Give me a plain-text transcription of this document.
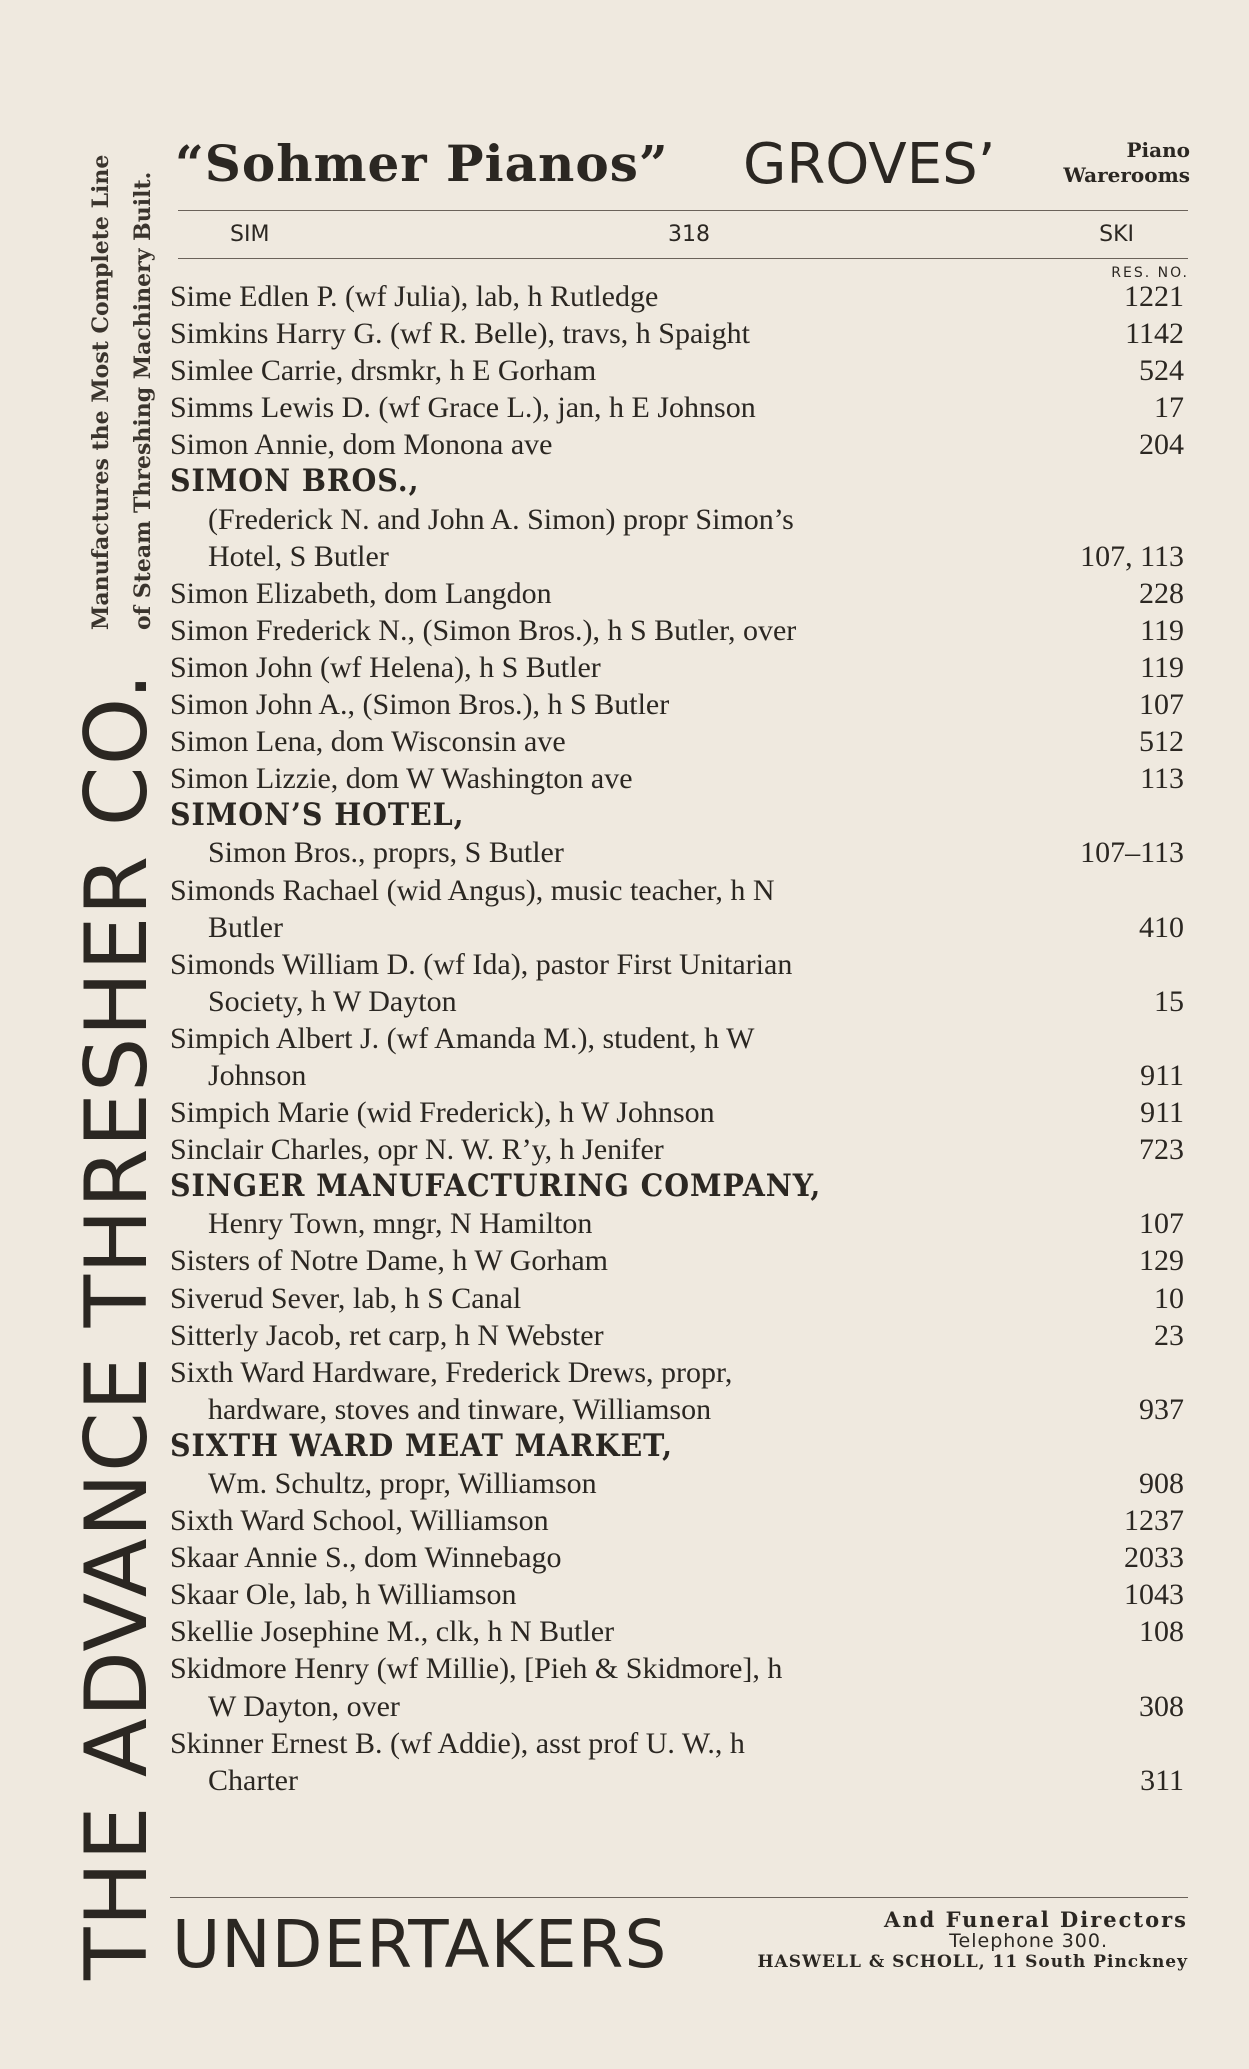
THE ADVANCE THRESHER CO.
Manufactures the Most Complete Line of Steam Threshing Machinery Built.
“Sohmer Pianos” GROVES’	Piano
Warerooms
SIM	318	SKI
RES. NO.
Sime Edlen P. (wf Julia), lab, h Rutledge	1221
Simkins Harry G. (wf R. Belle), travs, h Spaight	1142
Simlee Carrie, drsmkr, h E Gorham	524
Simms Lewis D. (wf Grace L.), jan, h E Johnson	17
Simon Annie, dom Monona ave	204
SIMON BROS.,
(Frederick N. and John A. Simon) propr Simon’s
Hotel, S Butler	107, 113
Simon Elizabeth, dom Langdon	228
Simon Frederick N., (Simon Bros.), h S Butler, over	119
Simon John (wf Helena), h S Butler	119
Simon John A., (Simon Bros.), h S Butler	107
Simon Lena, dom Wisconsin ave	512
Simon Lizzie, dom W Washington ave	113
SIMON’S HOTEL,
Simon Bros., proprs, S Butler	107–113
Simonds Rachael (wid Angus), music teacher, h N
Butler	410
Simonds William D. (wf Ida), pastor First Unitarian
Society, h W Dayton	15
Simpich Albert J. (wf Amanda M.), student, h W
Johnson	911
Simpich Marie (wid Frederick), h W Johnson	911
Sinclair Charles, opr N. W. R’y, h Jenifer	723
SINGER MANUFACTURING COMPANY,
Henry Town, mngr, N Hamilton	107
Sisters of Notre Dame, h W Gorham	129
Siverud Sever, lab, h S Canal	10
Sitterly Jacob, ret carp, h N Webster	23
Sixth Ward Hardware, Frederick Drews, propr,
hardware, stoves and tinware, Williamson	937
SIXTH WARD MEAT MARKET,
Wm. Schultz, propr, Williamson	908
Sixth Ward School, Williamson	1237
Skaar Annie S., dom Winnebago	2033
Skaar Ole, lab, h Williamson	1043
Skellie Josephine M., clk, h N Butler	108
Skidmore Henry (wf Millie), [Pieh & Skidmore], h
W Dayton, over	308
Skinner Ernest B. (wf Addie), asst prof U. W., h
Charter	311
UNDERTAKERS	And Funeral Directors
Telephone 300.
HASWELL & SCHOLL, 11 South Pinckney
